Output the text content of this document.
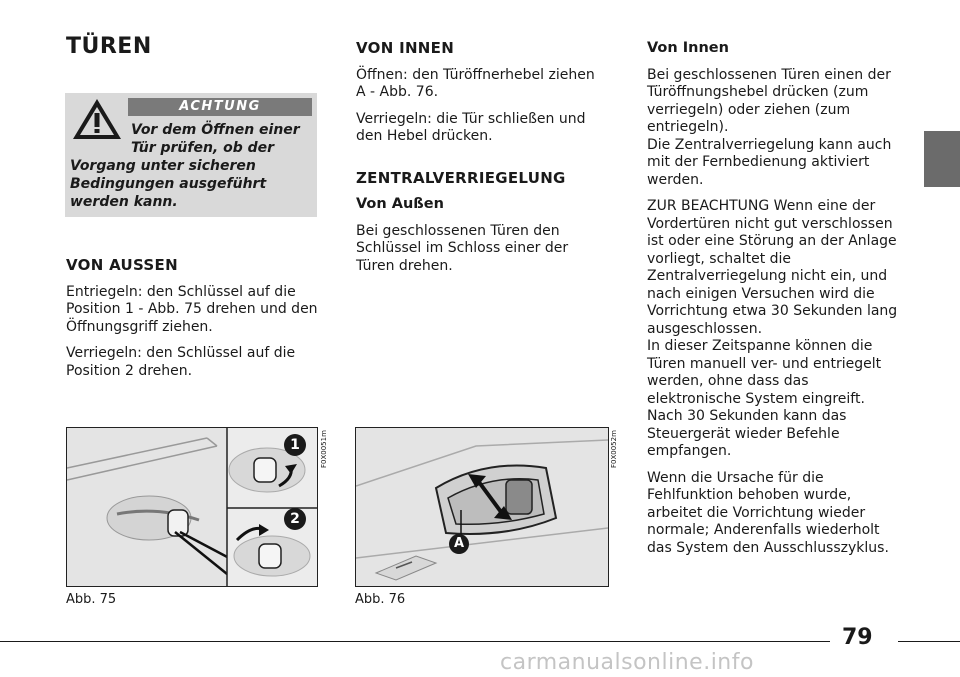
TÜREN
ACHTUNG
Vor dem Öffnen einer
Tür prüfen, ob der
Vorgang unter sicheren Bedingungen ausgeführt werden kann.
VON AUSSEN

Entriegeln: den Schlüssel auf die Position 1 - Abb. 75 drehen und den Öffnungsgriff ziehen.

Verriegeln: den Schlüssel auf die Position 2 drehen.

VON INNEN

Öffnen: den Türöffnerhebel ziehen A - Abb. 76.

Verriegeln: die Tür schließen und den Hebel drücken.

ZENTRALVERRIEGELUNG
Von Außen

Bei geschlossenen Türen den Schlüssel im Schloss einer der Türen drehen.

Von Innen

Bei geschlossenen Türen einen der Türöffnungshebel drücken (zum verriegeln) oder ziehen (zum entriegeln).

Die Zentralverriegelung kann auch mit der Fernbedienung aktiviert werden.

ZUR BEACHTUNG Wenn eine der Vordertüren nicht gut verschlossen ist oder eine Störung an der Anlage vorliegt, schaltet die Zentralverriegelung nicht ein, und nach einigen Versuchen wird die Vorrichtung etwa 30 Sekunden lang ausgeschlossen.

In dieser Zeitspanne können die Türen manuell ver- und entriegelt werden, ohne dass das elektronische System eingreift. Nach 30 Sekunden kann das Steuergerät wieder Befehle empfangen.

Wenn die Ursache für die Fehlfunktion behoben wurde, arbeitet die Vorrichtung wieder normale; Anderenfalls wiederholt das System den Ausschlusszyklus.

1
2
F0X0051m
Abb. 75
A
F0X0052m
Abb. 76
79
carmanualsonline.info
